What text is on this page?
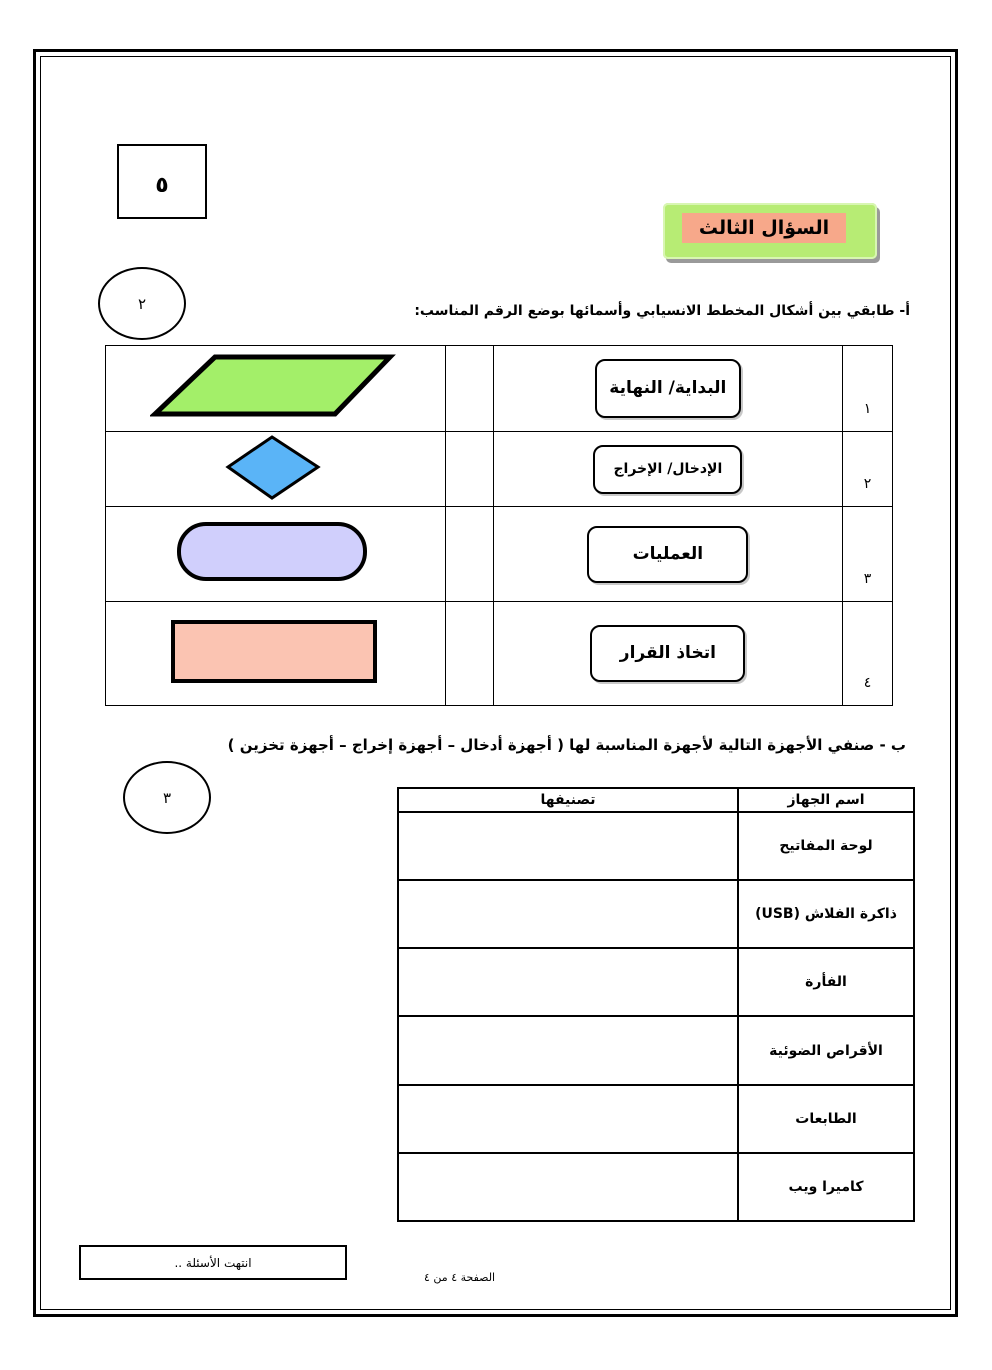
٥
السؤال الثالث
٢	أ- طابقي بين أشكال المخطط الانسيابي وأسمائها بوضع الرقم المناسب:
		البداية/ النهاية	١
		الإدخال/ الإخراج	٢
		العمليات	٣
		اتخاذ القرار	٤
ب - صنفي الأجهزة التالية لأجهزة المناسبة لها ( أجهزة أدخال – أجهزة إخراج – أجهزة تخزين )
٣	تصنيفها	اسم الجهاز
	لوحة المفاتيح
	ذاكرة الفلاش (USB)
	الفأرة
	الأقراص الضوئية
	الطابعات
	كاميرا ويب
انتهت الأسئلة ..
الصفحة ٤ من ٤
